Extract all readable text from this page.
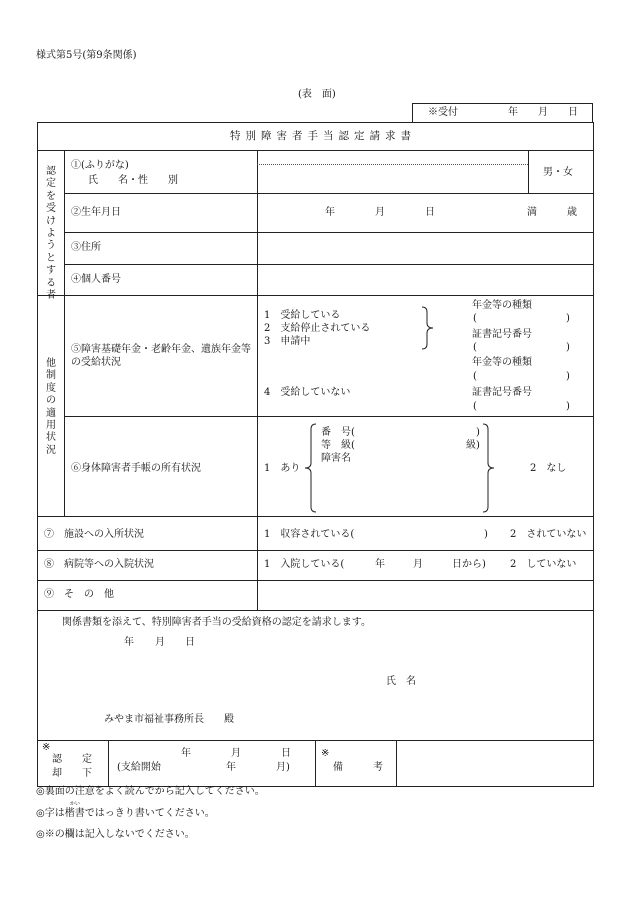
様式第5号(第9条関係)
(表　面)
※受付	年 月 日
特別障害者手当認定請求書
認定を受けようとする者
他制度の適用状況
①(ふりがな)
氏　　名・性　　別
男・女
②生年月日	年	月	日	満　　　歳
③住所
④個人番号
⑤障害基礎年金・老齢年金、遺族年金等
の受給状況
1　受給している
2　支給停止されている
3　申請中
年金等の種類
(	)
証書記号番号
(	)
年金等の種類
(	)
4　受給していない	証書記号番号
(	)
⑥身体障害者手帳の所有状況	1　あり
番　号(	)
等　級(	級)
障害名
2　なし
⑦　施設への入所状況	1　収容されている(	) 2　されていない
⑧　病院等への入院状況	1　入院している(	年	月	日から) 2　していない
⑨　そ　の　他
関係書類を添えて、特別障害者手当の受給資格の認定を請求します。
年 月 日
氏　名
みやま市福祉事務所長　　殿
※
認　　定
却　　下
年	月	日
(支給開始	年	月)
※
備　　　考
◎裏面の注意をよく読んでから記入してください。
かい
◎字は楷書ではっきり書いてください。
◎※の欄は記入しないでください。
